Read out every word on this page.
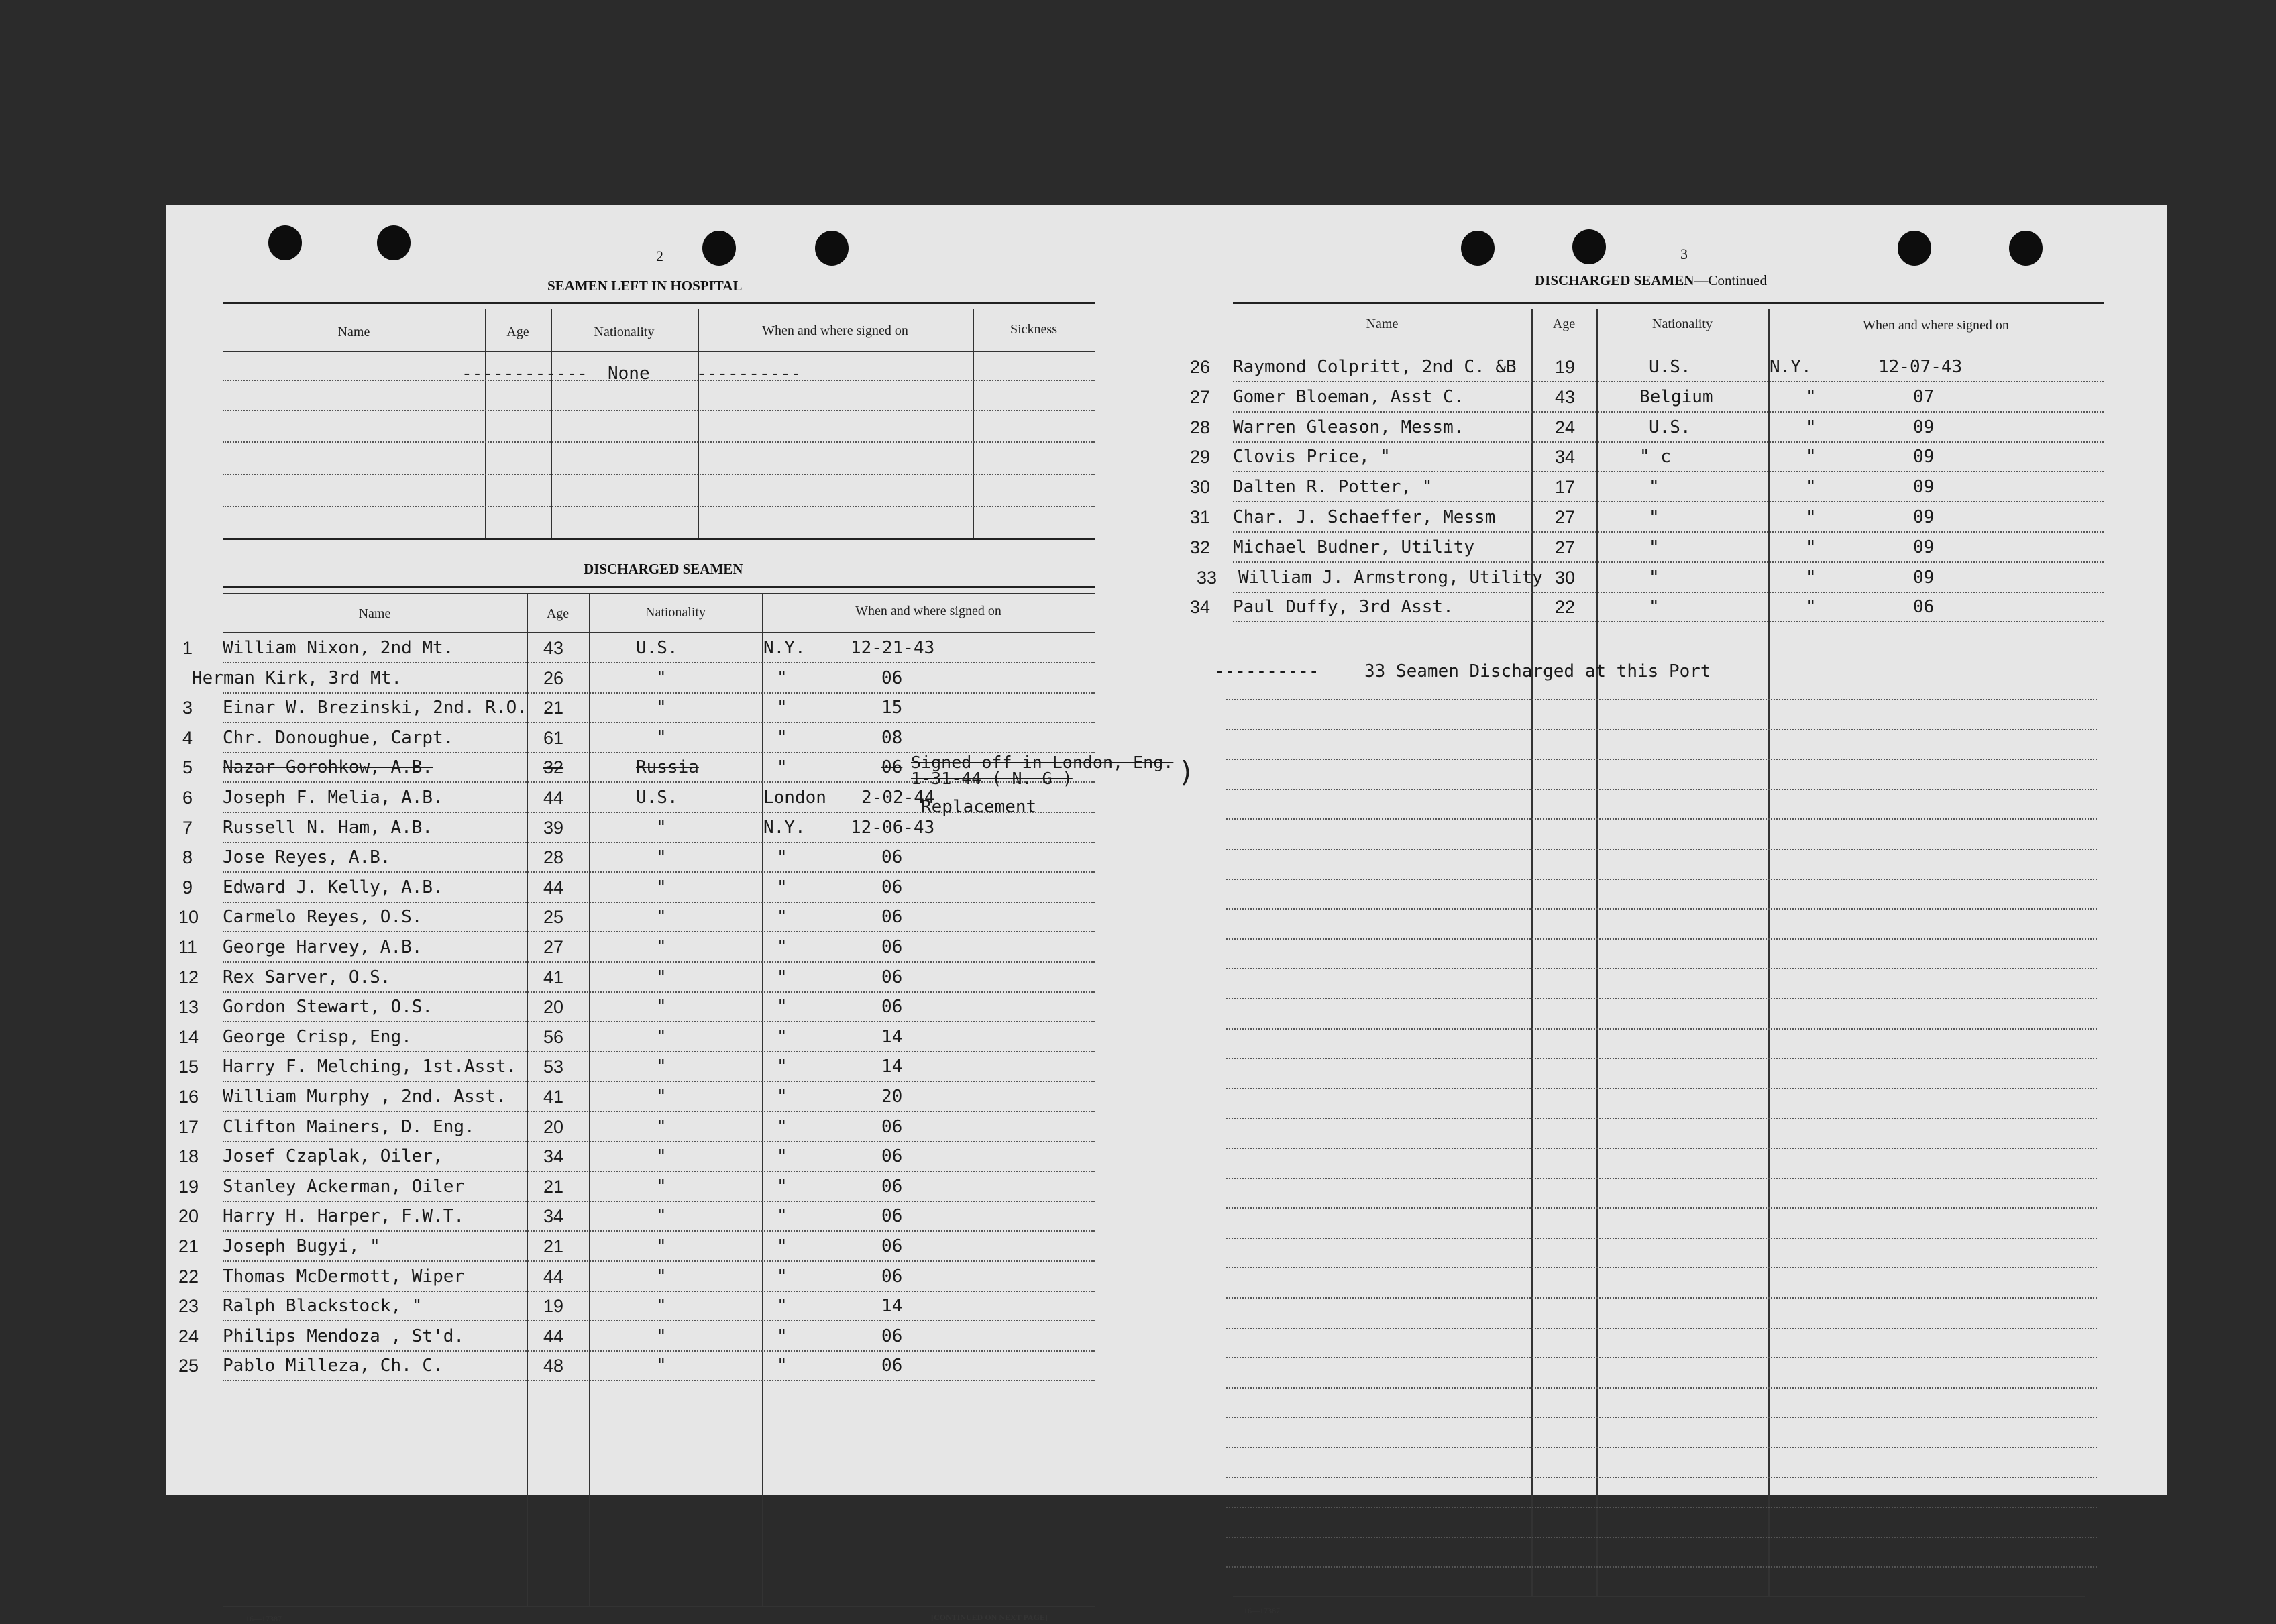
2
SEAMEN LEFT IN HOSPITAL
Name	Age	Nationality	When and where signed on	Sickness
------------ None	----------
DISCHARGED SEAMEN
Name	Age	Nationality	When and where signed on
1 William Nixon, 2nd Mt.	43	U.S.	N.Y.	12-21-43
Herman Kirk, 3rd Mt.	26	"	"	06
3 Einar W. Brezinski, 2nd. R.O. 21	"	"	15
4 Chr. Donoughue, Carpt.	61	"	"	08
5 Nazar Gorohkow, A.B.	32	Russia	"	06
6 Joseph F. Melia, A.B.	44	U.S.	London 2-02-44
7 Russell N. Ham, A.B.	39	"	N.Y.	12-06-43
8 Jose Reyes, A.B.	28	"	"	06
9 Edward J. Kelly, A.B.	44	"	"	06
10 Carmelo Reyes, O.S.	25	"	"	06
11 George Harvey, A.B.	27	"	"	06
12 Rex Sarver, O.S.	41	"	"	06
13 Gordon Stewart, O.S.	20	"	"	06
14 George Crisp, Eng.	56	"	"	14
15 Harry F. Melching, 1st.Asst. 53	"	"	14
16 William Murphy , 2nd. Asst. 41	"	"	20
17 Clifton Mainers, D. Eng.	20	"	"	06
18 Josef Czaplak, Oiler,	34	"	"	06
19 Stanley Ackerman, Oiler	21	"	"	06
20 Harry H. Harper, F.W.T.	34	"	"	06
21 Joseph Bugyi, "	21	"	"	06
22 Thomas McDermott, Wiper	44	"	"	06
23 Ralph Blackstock, "	19	"	"	14
24 Philips Mendoza , St'd.	44	"	"	06
25 Pablo Milleza, Ch. C.	48	"	"	06
Signed off in London, Eng.
1-31-44 ( N. G )	)
Replacement
16—17387	[CONTINUED ON NEXT PAGE]
3
DISCHARGED SEAMEN—Continued
Name	Age	Nationality	When and where signed on
26 Raymond Colpritt, 2nd C. &B 19	U.S.	N.Y.	12-07-43
27 Gomer Bloeman, Asst C.	43	Belgium	"	07
28 Warren Gleason, Messm.	24	U.S.	"	09
29 Clovis Price, "	34	" c	"	09
30 Dalten R. Potter, "	17	"	"	09
31 Char. J. Schaeffer, Messm	27	"	"	09
32 Michael Budner, Utility	27	"	"	09
33 William J. Armstrong, Utility 30	"	"	09
34 Paul Duffy, 3rd Asst.	22	"	"	06
----------	33 Seamen Discharged at this Port
16—17387
